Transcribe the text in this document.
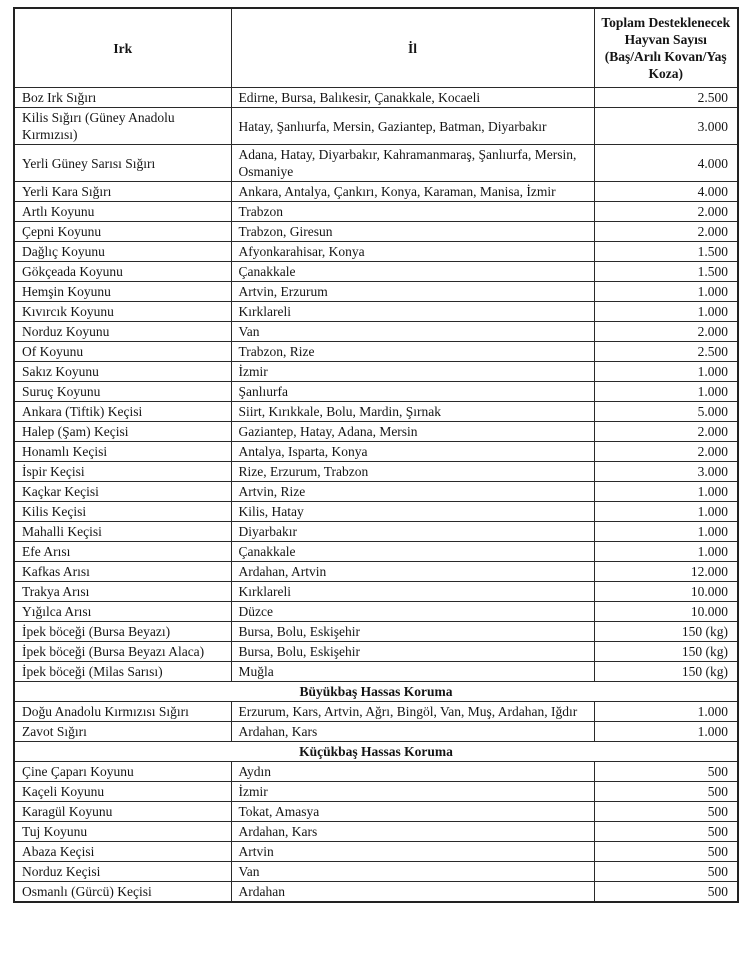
Irk	İl	Toplam Desteklenecek Hayvan Sayısı (Baş/Arılı Kovan/Yaş Koza)
Boz Irk Sığırı	Edirne, Bursa, Balıkesir, Çanakkale, Kocaeli	2.500
Kilis Sığırı (Güney Anadolu Kırmızısı)	Hatay, Şanlıurfa, Mersin, Gaziantep, Batman, Diyarbakır	3.000
Yerli Güney Sarısı Sığırı	Adana, Hatay, Diyarbakır, Kahramanmaraş, Şanlıurfa, Mersin, Osmaniye	4.000
Yerli Kara Sığırı	Ankara, Antalya, Çankırı, Konya, Karaman, Manisa, İzmir	4.000
Artlı Koyunu	Trabzon	2.000
Çepni Koyunu	Trabzon, Giresun	2.000
Dağlıç Koyunu	Afyonkarahisar, Konya	1.500
Gökçeada Koyunu	Çanakkale	1.500
Hemşin Koyunu	Artvin, Erzurum	1.000
Kıvırcık Koyunu	Kırklareli	1.000
Norduz Koyunu	Van	2.000
Of Koyunu	Trabzon, Rize	2.500
Sakız Koyunu	İzmir	1.000
Suruç Koyunu	Şanlıurfa	1.000
Ankara (Tiftik) Keçisi	Siirt, Kırıkkale, Bolu, Mardin, Şırnak	5.000
Halep (Şam) Keçisi	Gaziantep, Hatay, Adana, Mersin	2.000
Honamlı Keçisi	Antalya, Isparta, Konya	2.000
İspir Keçisi	Rize, Erzurum, Trabzon	3.000
Kaçkar Keçisi	Artvin, Rize	1.000
Kilis Keçisi	Kilis, Hatay	1.000
Mahalli Keçisi	Diyarbakır	1.000
Efe Arısı	Çanakkale	1.000
Kafkas Arısı	Ardahan, Artvin	12.000
Trakya Arısı	Kırklareli	10.000
Yığılca Arısı	Düzce	10.000
İpek böceği (Bursa Beyazı)	Bursa, Bolu, Eskişehir	150 (kg)
İpek böceği (Bursa Beyazı Alaca)	Bursa, Bolu, Eskişehir	150 (kg)
İpek böceği (Milas Sarısı)	Muğla	150 (kg)
Büyükbaş Hassas Koruma		
Doğu Anadolu Kırmızısı Sığırı	Erzurum, Kars, Artvin, Ağrı, Bingöl, Van, Muş, Ardahan, Iğdır	1.000
Zavot Sığırı	Ardahan, Kars	1.000
Küçükbaş Hassas Koruma		
Çine Çaparı Koyunu	Aydın	500
Kaçeli Koyunu	İzmir	500
Karagül Koyunu	Tokat, Amasya	500
Tuj Koyunu	Ardahan, Kars	500
Abaza Keçisi	Artvin	500
Norduz Keçisi	Van	500
Osmanlı (Gürcü) Keçisi	Ardahan	500
